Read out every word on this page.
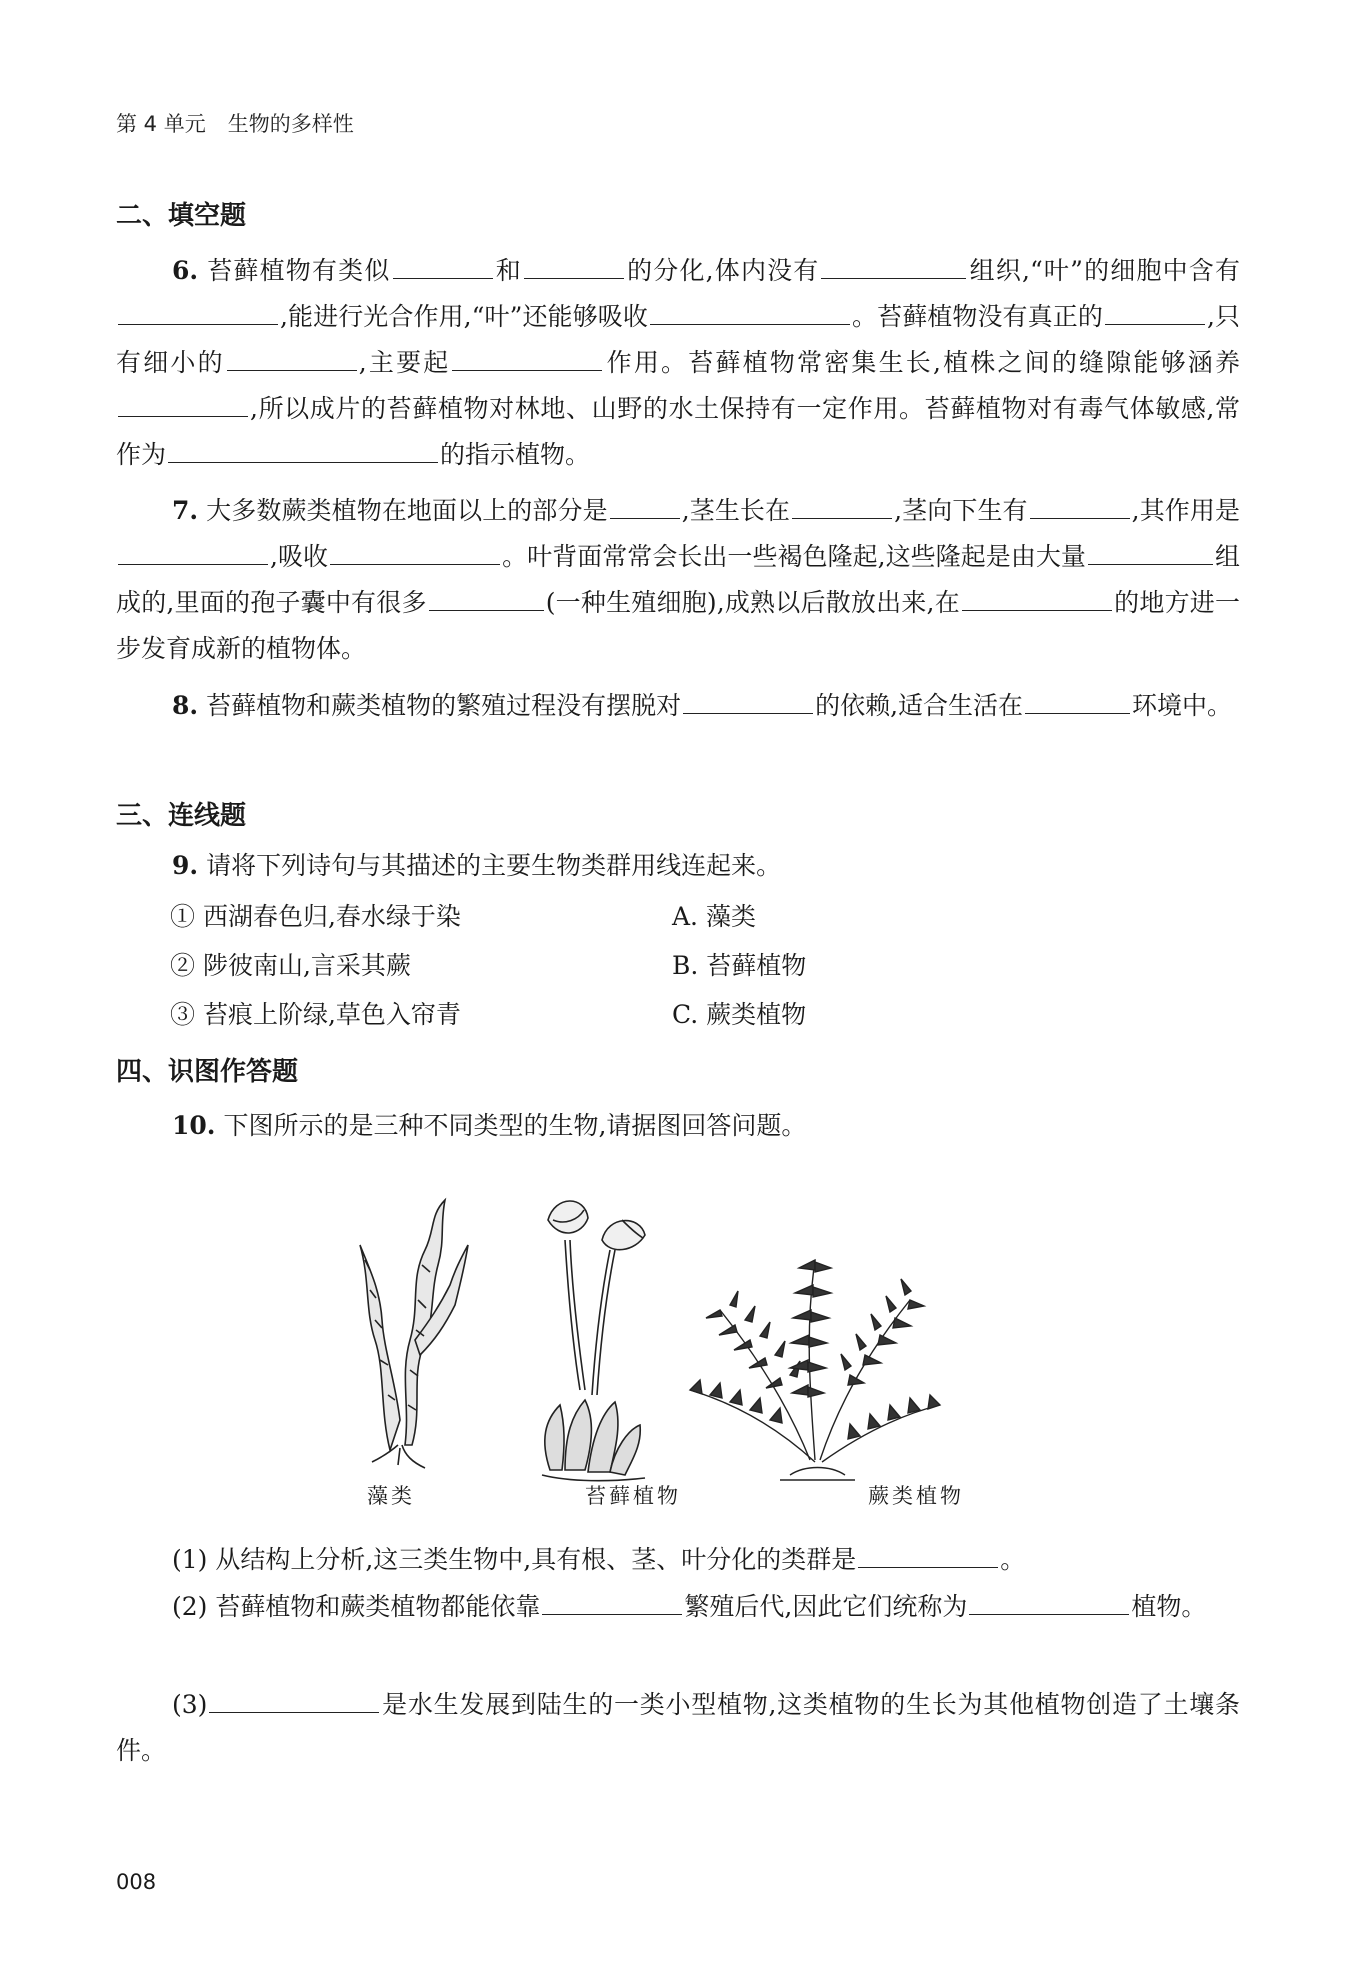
第 4 单元 生物的多样性
二、填空题
6. 苔藓植物有类似	和	的分化,体内没有	组织,“叶”的细胞中含有,能进行光合作用,“叶”还能够吸收	。苔藓植物没有真正的	,只有细小的	,主要起	作用。苔藓植物常密集生长,植株之间的缝隙能够涵养,所以成片的苔藓植物对林地、山野的水土保持有一定作用。苔藓植物对有毒气体敏感,常作为	的指示植物。
7. 大多数蕨类植物在地面以上的部分是	,茎生长在	,茎向下生有	,其作用是,吸收	。叶背面常常会长出一些褐色隆起,这些隆起是由大量	组成的,里面的孢子囊中有很多	(一种生殖细胞),成熟以后散放出来,在	的地方进一步发育成新的植物体。
8. 苔藓植物和蕨类植物的繁殖过程没有摆脱对	的依赖,适合生活在	环境中。
三、连线题
9. 请将下列诗句与其描述的主要生物类群用线连起来。
① 西湖春色归,春水绿于染	A. 藻类
② 陟彼南山,言采其蕨	B. 苔藓植物
③ 苔痕上阶绿,草色入帘青	C. 蕨类植物
四、识图作答题
10. 下图所示的是三种不同类型的生物,请据图回答问题。
藻类	苔藓植物	蕨类植物
(1) 从结构上分析,这三类生物中,具有根、茎、叶分化的类群是	。
(2) 苔藓植物和蕨类植物都能依靠	繁殖后代,因此它们统称为	植物。
(3)	是水生发展到陆生的一类小型植物,这类植物的生长为其他植物创造了土壤条件。
008
